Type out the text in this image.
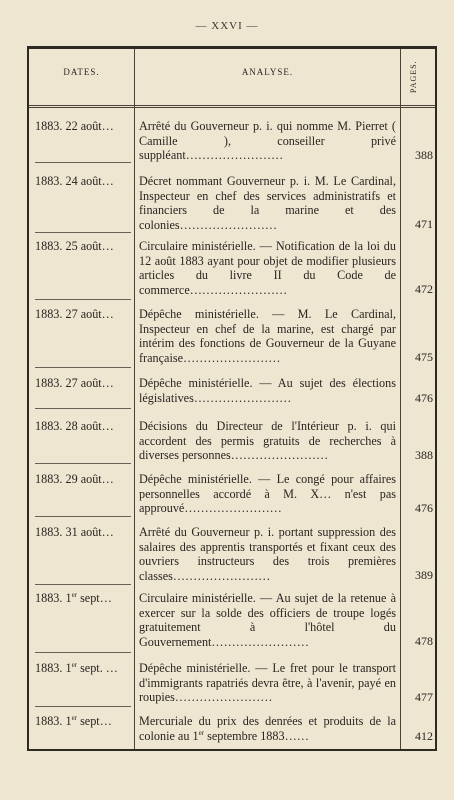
— XXVI —
DATES.	ANALYSE.	PAGES.
1883. 22 août…	Arrêté du Gouverneur p. i. qui nomme M. Pierret ( Camille ), conseiller privé suppléant……………………	388
1883. 24 août…	Décret nommant Gouverneur p. i. M. Le Cardinal, Inspecteur en chef des services administratifs et financiers de la marine et des colonies……………………	471
1883. 25 août…	Circulaire ministérielle. — Notification de la loi du 12 août 1883 ayant pour objet de modifier plusieurs articles du livre II du Code de commerce……………………	472
1883. 27 août…	Dépêche ministérielle. — M. Le Cardinal, Inspecteur en chef de la marine, est chargé par intérim des fonctions de Gouverneur de la Guyane française……………………	475
1883. 27 août…	Dépêche ministérielle. — Au sujet des élections législatives……………………	476
1883. 28 août…	Décisions du Directeur de l'Intérieur p. i. qui accordent des permis gratuits de recherches à diverses personnes……………………	388
1883. 29 août…	Dépêche ministérielle. — Le congé pour affaires personnelles accordé à M. X… n'est pas approuvé……………………	476
1883. 31 août…	Arrêté du Gouverneur p. i. portant suppression des salaires des apprentis transportés et fixant ceux des ouvriers instructeurs des trois premières classes……………………	389
1883. 1er sept…	Circulaire ministérielle. — Au sujet de la retenue à exercer sur la solde des officiers de troupe logés gratuitement à l'hôtel du Gouvernement……………………	478
1883. 1er sept. …	Dépêche ministérielle. — Le fret pour le transport d'immigrants rapatriés devra être, à l'avenir, payé en roupies……………………	477
1883. 1er sept…	Mercuriale du prix des denrées et produits de la colonie au 1er septembre 1883……	412
